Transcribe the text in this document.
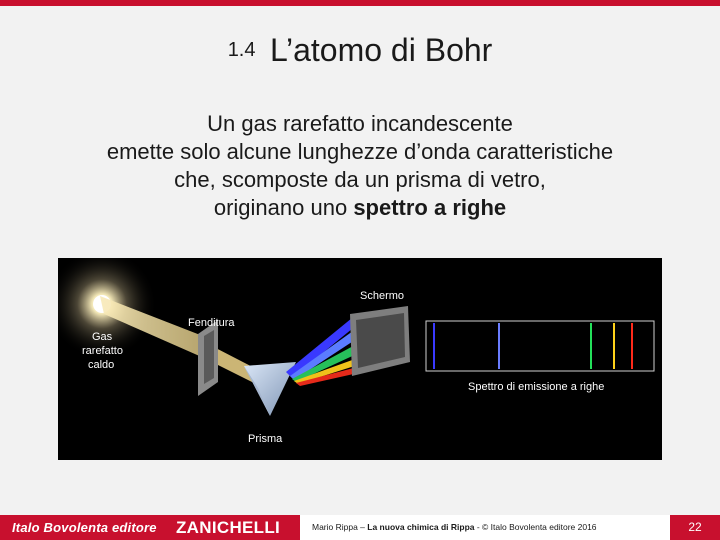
1.4 L’atomo di Bohr
Un gas rarefatto incandescente
emette solo alcune lunghezze d’onda caratteristiche
che, scomposte da un prisma di vetro,
originano uno spettro a righe
Gas
rarefatto
caldo
Fenditura
Prisma
Schermo
Spettro di emissione a righe
Italo Bovolenta editore ZANICHELLI	Mario Rippa – La nuova chimica di Rippa - © Italo Bovolenta editore 2016	22
